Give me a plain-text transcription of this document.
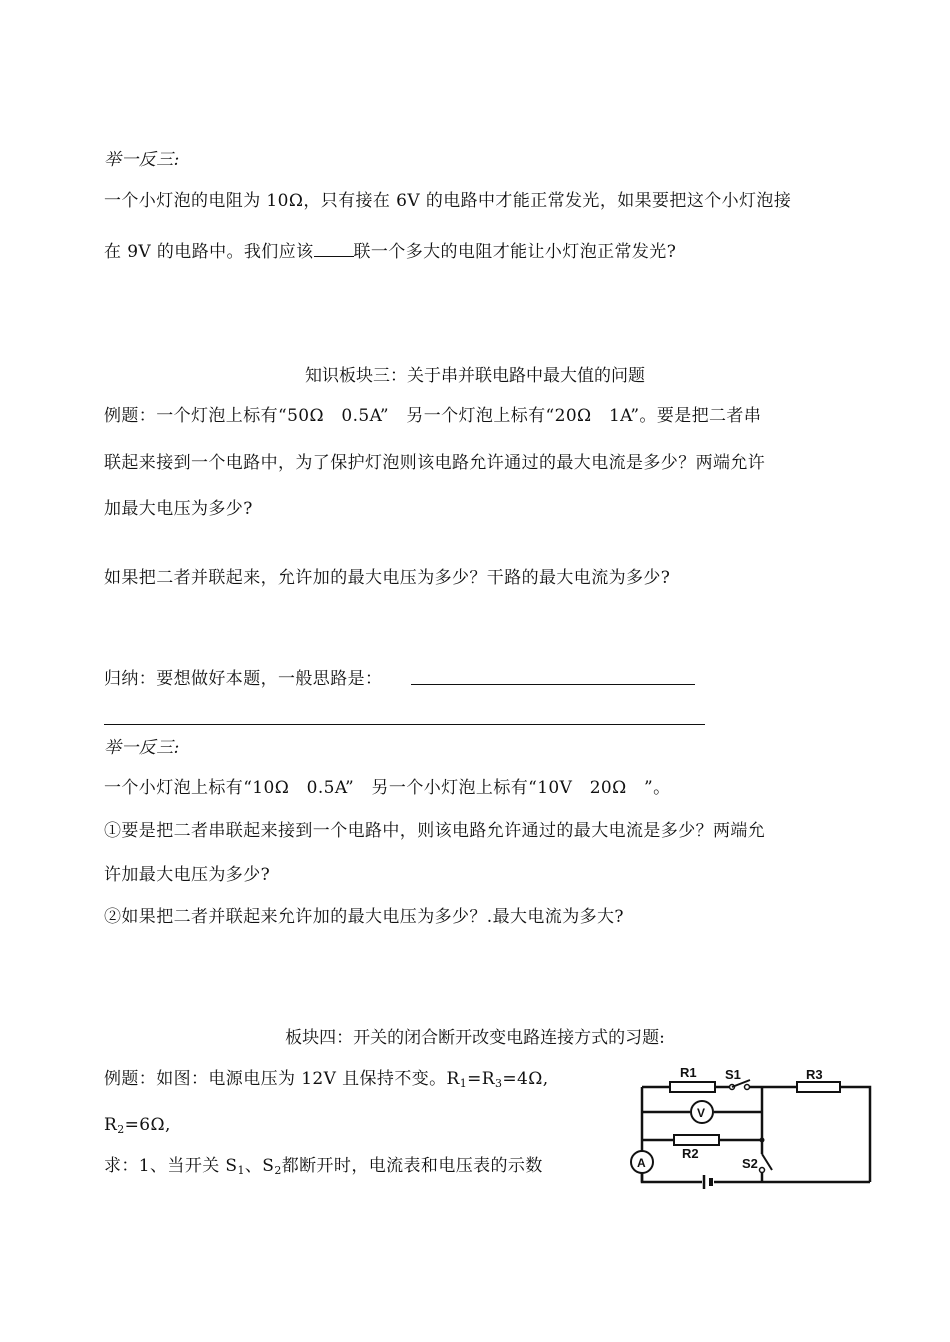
举一反三:
一个小灯泡的电阻为 10Ω，只有接在 6V 的电路中才能正常发光，如果要把这个小灯泡接
在 9V 的电路中。我们应该 联一个多大的电阻才能让小灯泡正常发光?
知识板块三：关于串并联电路中最大值的问题
例题：一个灯泡上标有“50Ω　0.5A”　另一个灯泡上标有“20Ω　1A”。要是把二者串
联起来接到一个电路中，为了保护灯泡则该电路允许通过的最大电流是多少？两端允许
加最大电压为多少?
如果把二者并联起来，允许加的最大电压为多少？干路的最大电流为多少?
归纳：要想做好本题，一般思路是：
举一反三:
一个小灯泡上标有“10Ω　0.5A”　另一个小灯泡上标有“10V　20Ω　”。
①要是把二者串联起来接到一个电路中，则该电路允许通过的最大电流是多少？两端允
许加最大电压为多少?
②如果把二者并联起来允许加的最大电压为多少？.最大电流为多大?
板块四：开关的闭合断开改变电路连接方式的习题:
例题：如图：电源电压为 12V 且保持不变。$R_1=R_3=4\Omega$,
$R_2=6\Omega$,
求：1、当开关 $S_1$、$S_2$都断开时，电流表和电压表的示数
R1 S1	R3
V
R2
A	S2
